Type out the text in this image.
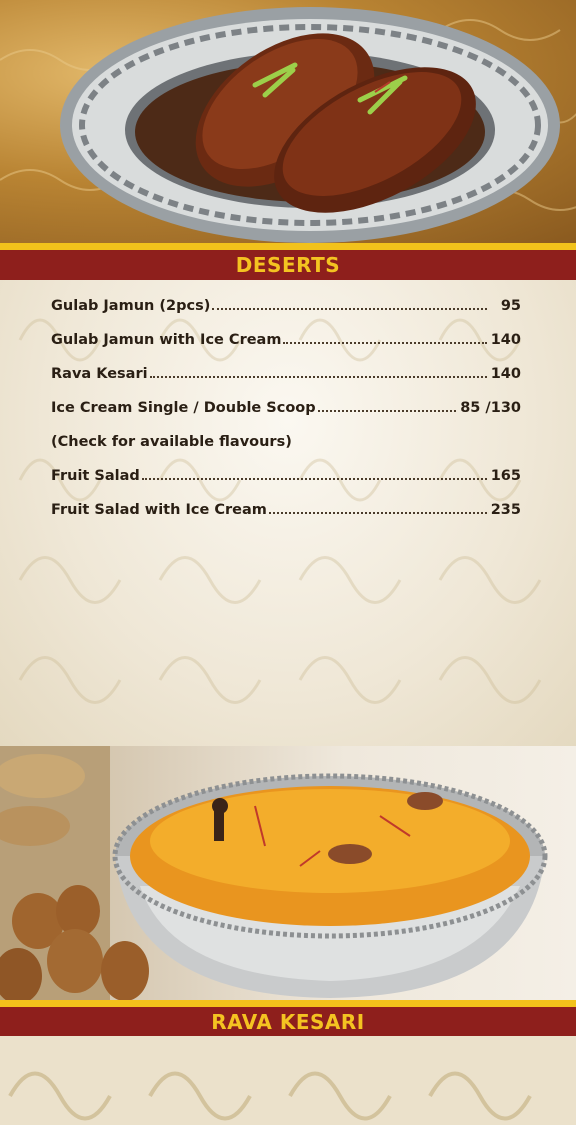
DESERTS
Gulab Jamun (2pcs)	95
Gulab Jamun with Ice Cream	140
Rava Kesari	140
Ice Cream Single / Double Scoop	85 /130
(Check for available flavours)
Fruit Salad	165
Fruit Salad with Ice Cream	235
RAVA KESARI
